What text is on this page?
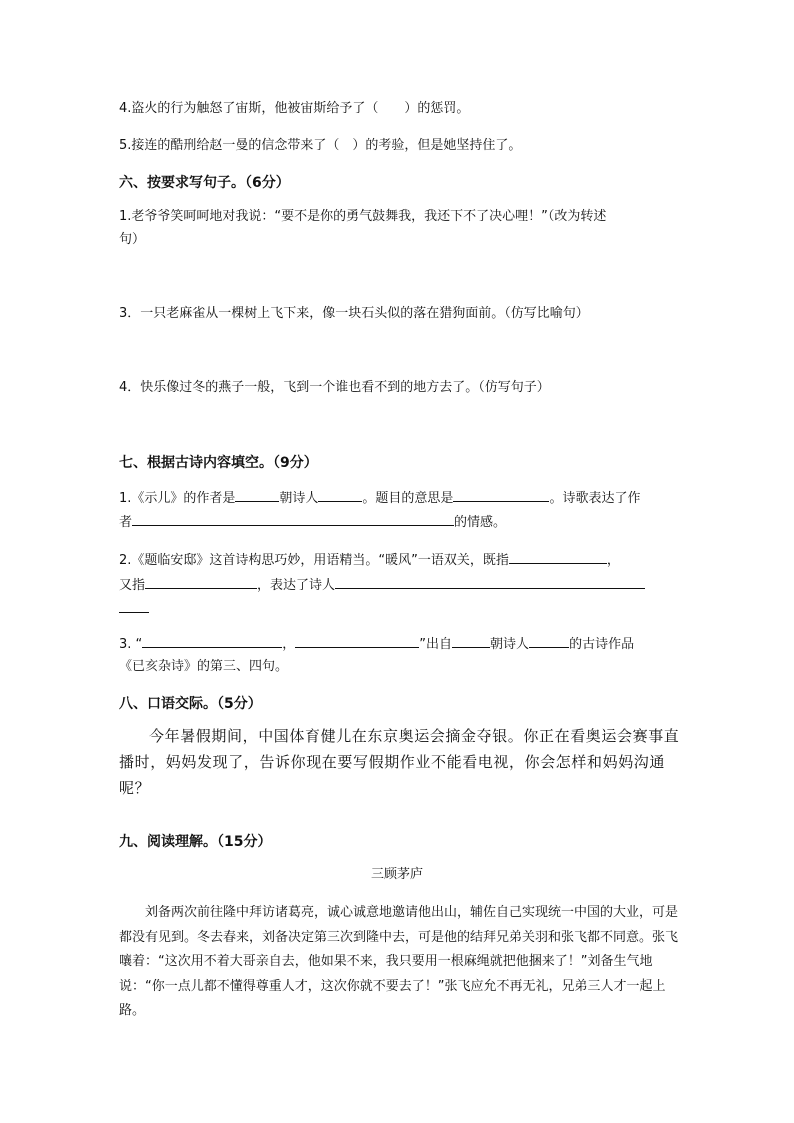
4.盗火的行为触怒了宙斯，他被宙斯给予了（　　）的惩罚。
5.接连的酷刑给赵一曼的信念带来了（　）的考验，但是她坚持住了。
六、按要求写句子。（6分）
1.老爷爷笑呵呵地对我说：“要不是你的勇气鼓舞我，我还下不了决心哩！”（改为转述
句）
3．一只老麻雀从一棵树上飞下来，像一块石头似的落在猎狗面前。（仿写比喻句）
4．快乐像过冬的燕子一般，飞到一个谁也看不到的地方去了。（仿写句子）
七、根据古诗内容填空。（9分）
1.《示儿》的作者是	朝诗人	。题目的意思是	。诗歌表达了作
者	的情感。
2.《题临安邸》这首诗构思巧妙，用语精当。“暖风”一语双关，既指	，
又指	，表达了诗人
3. “	，	”出自	朝诗人	的古诗作品
《已亥杂诗》的第三、四句。
八、口语交际。（5分）
今年暑假期间，中国体育健儿在东京奥运会摘金夺银。你正在看奥运会赛事直播时，妈妈发现了，告诉你现在要写假期作业不能看电视，你会怎样和妈妈沟通呢？
九、阅读理解。（15分）
三顾茅庐
刘备两次前往隆中拜访诸葛亮，诚心诚意地邀请他出山，辅佐自己实现统一中国的大业，可是都没有见到。冬去春来，刘备决定第三次到隆中去，可是他的结拜兄弟关羽和张飞都不同意。张飞嚷着：“这次用不着大哥亲自去，他如果不来，我只要用一根麻绳就把他捆来了！”刘备生气地说：“你一点儿都不懂得尊重人才，这次你就不要去了！”张飞应允不再无礼，兄弟三人才一起上路。
